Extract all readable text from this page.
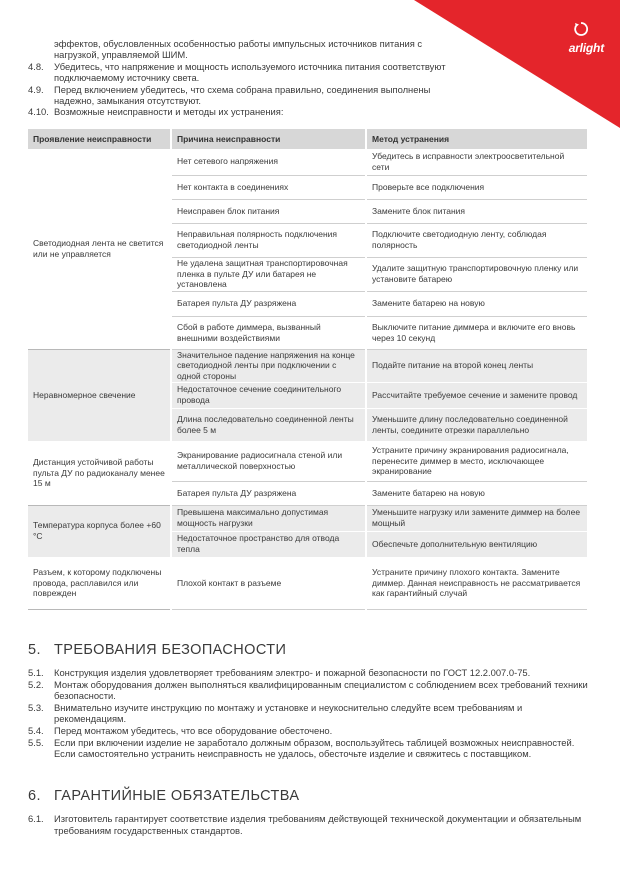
arlight
эффектов, обусловленных особенностью работы импульсных источников питания с нагрузкой, управляемой ШИМ.
4.8.	Убедитесь, что напряжение и мощность используемого источника питания соответствуют подключаемому источнику света.
4.9.	Перед включением убедитесь, что схема собрана правильно, соединения выполнены надежно, замыкания отсутствуют.
4.10. Возможные неисправности и методы их устранения:
Проявление неисправности	Причина неисправности	Метод устранения
Светодиодная лента не светится или не управляется	Нет сетевого напряжения	Убедитесь в исправности электроосветительной сети
	Нет контакта в соединениях	Проверьте все подключения
	Неисправен блок питания	Замените блок питания
	Неправильная полярность подключения светодиодной ленты	Подключите светодиодную ленту, соблюдая полярность
	Не удалена защитная транспортировочная пленка в пульте ДУ или батарея не установлена	Удалите защитную транспортировочную пленку или установите батарею
	Батарея пульта ДУ разряжена	Замените батарею на новую
	Сбой в работе диммера, вызванный внешними воздействиями	Выключите питание диммера и включите его вновь через 10 секунд
Неравномерное свечение	Значительное падение напряжения на конце светодиодной ленты при подключении с одной стороны	Подайте питание на второй конец ленты
	Недостаточное сечение соединительного провода	Рассчитайте требуемое сечение и замените провод
	Длина последовательно соединенной ленты более 5 м	Уменьшите длину последовательно соединенной ленты, соедините отрезки параллельно
Дистанция устойчивой работы пульта ДУ по радиоканалу менее 15 м	Экранирование радиосигнала стеной или металлической поверхностью	Устраните причину экранирования радиосигнала, перенесите диммер в место, исключающее экранирование
	Батарея пульта ДУ разряжена	Замените батарею на новую
Температура корпуса более +60 °C	Превышена максимально допустимая мощность нагрузки	Уменьшите нагрузку или замените диммер на более мощный
	Недостаточное пространство для отвода тепла	Обеспечьте дополнительную вентиляцию
Разъем, к которому подключены провода, расплавился или поврежден	Плохой контакт в разъеме	Устраните причину плохого контакта. Замените диммер. Данная неисправность не рассматривается как гарантийный случай
5. ТРЕБОВАНИЯ БЕЗОПАСНОСТИ
5.1.	Конструкция изделия удовлетворяет требованиям электро- и пожарной безопасности по ГОСТ 12.2.007.0-75.
5.2.	Монтаж оборудования должен выполняться квалифицированным специалистом с соблюдением всех требований техники безопасности.
5.3.	Внимательно изучите инструкцию по монтажу и установке и неукоснительно следуйте всем требованиям и рекомендациям.
5.4.	Перед монтажом убедитесь, что все оборудование обесточено.
5.5.	Если при включении изделие не заработало должным образом, воспользуйтесь таблицей возможных неисправностей. Если самостоятельно устранить неисправность не удалось, обесточьте изделие и свяжитесь с поставщиком.
6. ГАРАНТИЙНЫЕ ОБЯЗАТЕЛЬСТВА
6.1.	Изготовитель гарантирует соответствие изделия требованиям действующей технической документации и обязательным требованиям государственных стандартов.
